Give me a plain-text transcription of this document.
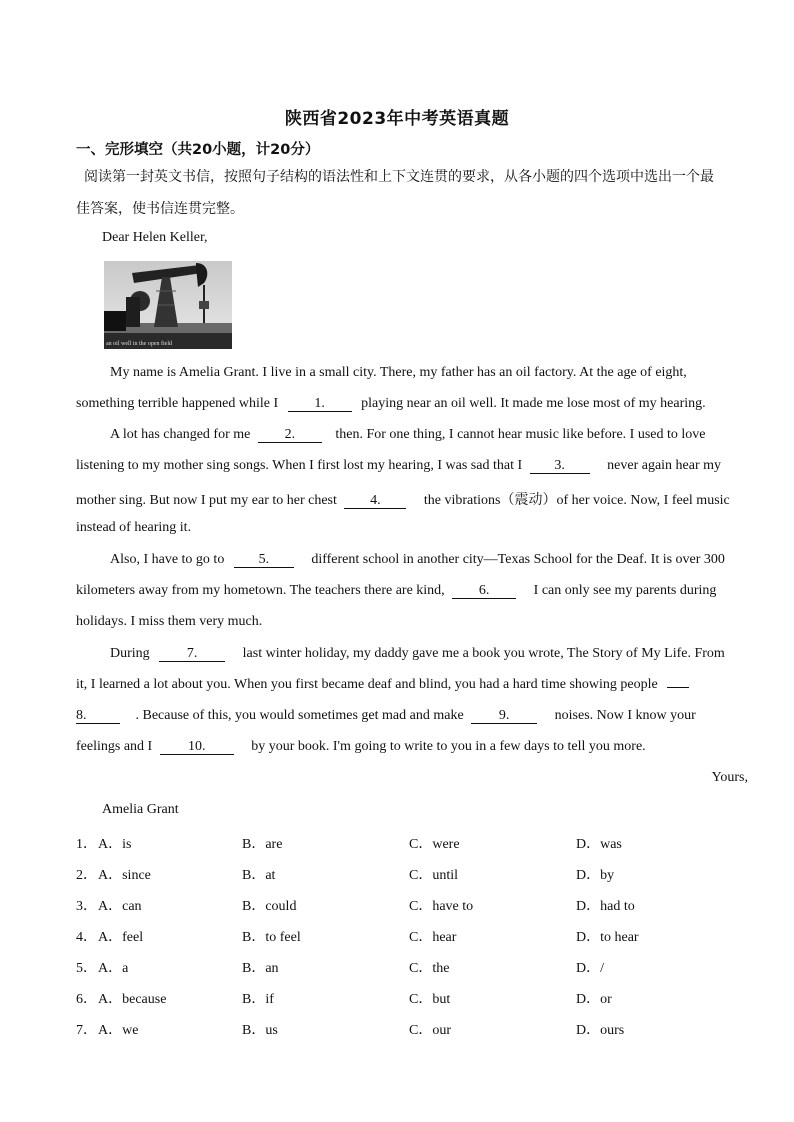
陕西省2023年中考英语真题
一、完形填空（共20小题，计20分）
阅读第一封英文书信，按照句子结构的语法性和上下文连贯的要求，从各小题的四个选项中选出一个最
佳答案，使书信连贯完整。
Dear Helen Keller,
an oil well in the open field
My name is Amelia Grant. I live in a small city. There, my father has an oil factory. At the age of eight,
something terrible happened while I	1.	playing near an oil well. It made me lose most of my hearing.
A lot has changed for me 2.	then. For one thing, I cannot hear music like before. I used to love
listening to my mother sing songs. When I first lost my hearing, I was sad that I 3.	never again hear my
mother sing. But now I put my ear to her chest 4.	the vibrations（震动）of her voice. Now, I feel music
instead of hearing it.
Also, I have to go to 5.	different school in another city—Texas School for the Deaf. It is over 300
kilometers away from my hometown. The teachers there are kind, 6.	I can only see my parents during
holidays. I miss them very much.
During	7.	last winter holiday, my daddy gave me a book you wrote, The Story of My Life. From
it, I learned a lot about you. When you first became deaf and blind, you had a hard time showing people
8.	. Because of this, you would sometimes get mad and make	9.	noises. Now I know your
feelings and I	10.	by your book. I'm going to write to you in a few days to tell you more.
Yours,
Amelia Grant
1． A．is	B．are	C．were	D．was
2． A．since	B．at	C．until	D．by
3． A．can	B．could	C．have to	D．had to
4． A．feel	B．to feel	C．hear	D．to hear
5． A．a	B．an	C．the	D．/
6． A．because	B．if	C．but	D．or
7． A．we	B．us	C．our	D．ours
